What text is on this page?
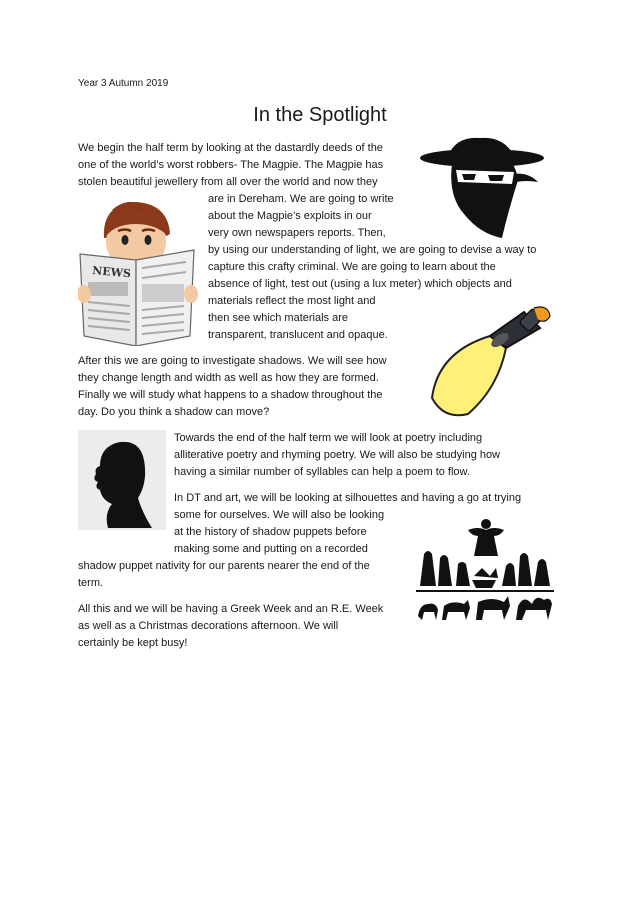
Year 3 Autumn 2019
In the Spotlight
We begin the half term by looking at the dastardly deeds of the
one of the world’s worst robbers- The Magpie. The Magpie has
stolen beautiful jewellery from all over the world and now they
are in Dereham. We are going to write
about the Magpie’s exploits in our
very own newspapers reports. Then,
by using our understanding of light, we are going to devise a way to
capture this crafty criminal. We are going to learn about the
absence of light, test out (using a lux meter) which objects and
materials reflect the most light and
then see which materials are
transparent, translucent and opaque.
After this we are going to investigate shadows. We will see how
they change length and width as well as how they are formed.
Finally we will study what happens to a shadow throughout the
day. Do you think a shadow can move?
Towards the end of the half term we will look at poetry including
alliterative poetry and rhyming poetry. We will also be studying how
having a similar number of syllables can help a poem to flow.
In DT and art, we will be looking at silhouettes and having a go at trying
some for ourselves. We will also be looking
at the history of shadow puppets before
making some and putting on a recorded
shadow puppet nativity for our parents nearer the end of the
term.
All this and we will be having a Greek Week and an R.E. Week
as well as a Christmas decorations afternoon. We will
certainly be kept busy!
NEWS
